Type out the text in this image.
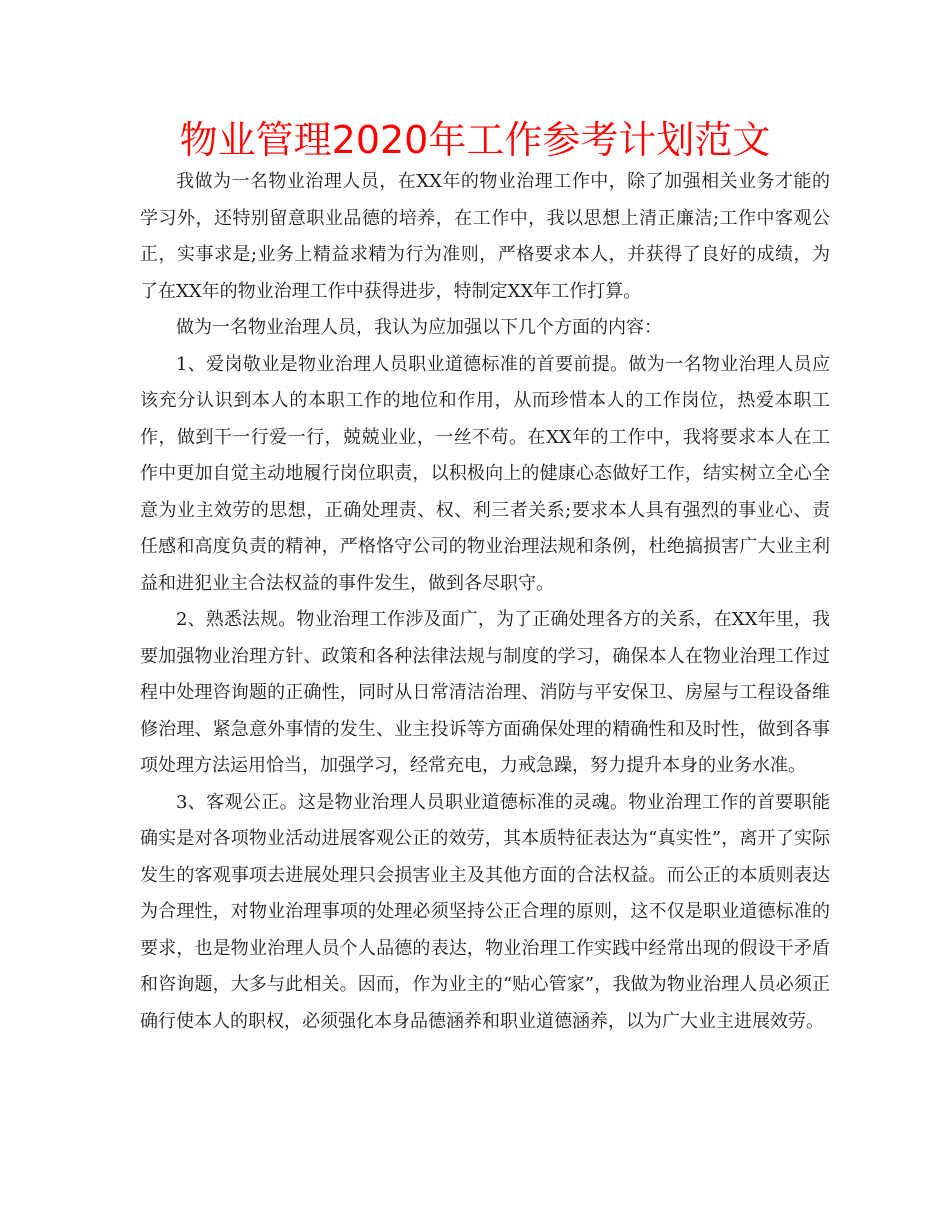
物业管理2020年工作参考计划范文

我做为一名物业治理人员，在XX年的物业治理工作中，除了加强相关业务才能的学习外，还特别留意职业品德的培养，在工作中，我以思想上清正廉洁;工作中客观公正，实事求是;业务上精益求精为行为准则，严格要求本人，并获得了良好的成绩，为了在XX年的物业治理工作中获得进步，特制定XX年工作打算。

做为一名物业治理人员，我认为应加强以下几个方面的内容：

1、爱岗敬业是物业治理人员职业道德标准的首要前提。做为一名物业治理人员应该充分认识到本人的本职工作的地位和作用，从而珍惜本人的工作岗位，热爱本职工作，做到干一行爱一行，兢兢业业，一丝不苟。在XX年的工作中，我将要求本人在工作中更加自觉主动地履行岗位职责，以积极向上的健康心态做好工作，结实树立全心全意为业主效劳的思想，正确处理责、权、利三者关系;要求本人具有强烈的事业心、责任感和高度负责的精神，严格恪守公司的物业治理法规和条例，杜绝搞损害广大业主利益和进犯业主合法权益的事件发生，做到各尽职守。

2、熟悉法规。物业治理工作涉及面广，为了正确处理各方的关系，在XX年里，我要加强物业治理方针、政策和各种法律法规与制度的学习，确保本人在物业治理工作过程中处理咨询题的正确性，同时从日常清洁治理、消防与平安保卫、房屋与工程设备维修治理、紧急意外事情的发生、业主投诉等方面确保处理的精确性和及时性，做到各事项处理方法运用恰当，加强学习，经常充电，力戒急躁，努力提升本身的业务水准。

3、客观公正。这是物业治理人员职业道德标准的灵魂。物业治理工作的首要职能确实是对各项物业活动进展客观公正的效劳，其本质特征表达为“真实性”，离开了实际发生的客观事项去进展处理只会损害业主及其他方面的合法权益。而公正的本质则表达为合理性，对物业治理事项的处理必须坚持公正合理的原则，这不仅是职业道德标准的要求，也是物业治理人员个人品德的表达，物业治理工作实践中经常出现的假设干矛盾和咨询题，大多与此相关。因而，作为业主的“贴心管家”，我做为物业治理人员必须正确行使本人的职权，必须强化本身品德涵养和职业道德涵养，以为广大业主进展效劳。
